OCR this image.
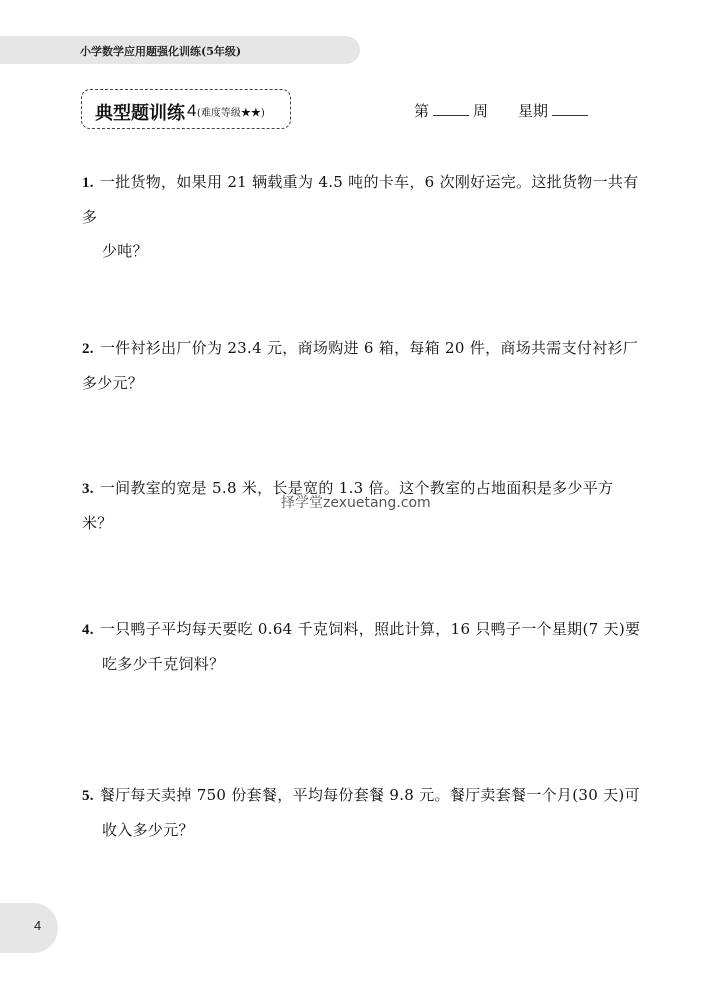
小学数学应用题强化训练(5年级)
典型题训练 4 (难度等级★★)	第	周 星期
1. 一批货物，如果用 21 辆载重为 4.5 吨的卡车，6 次刚好运完。这批货物一共有多
少吨？
2. 一件衬衫出厂价为 23.4 元，商场购进 6 箱，每箱 20 件，商场共需支付衬衫厂多少元？
3. 一间教室的宽是 5.8 米，长是宽的 1.3 倍。这个教室的占地面积是多少平方米？
择学堂zexuetang.com
4. 一只鸭子平均每天要吃 0.64 千克饲料，照此计算，16 只鸭子一个星期(7 天)要
吃多少千克饲料？
5. 餐厅每天卖掉 750 份套餐，平均每份套餐 9.8 元。餐厅卖套餐一个月(30 天)可
收入多少元？
4
